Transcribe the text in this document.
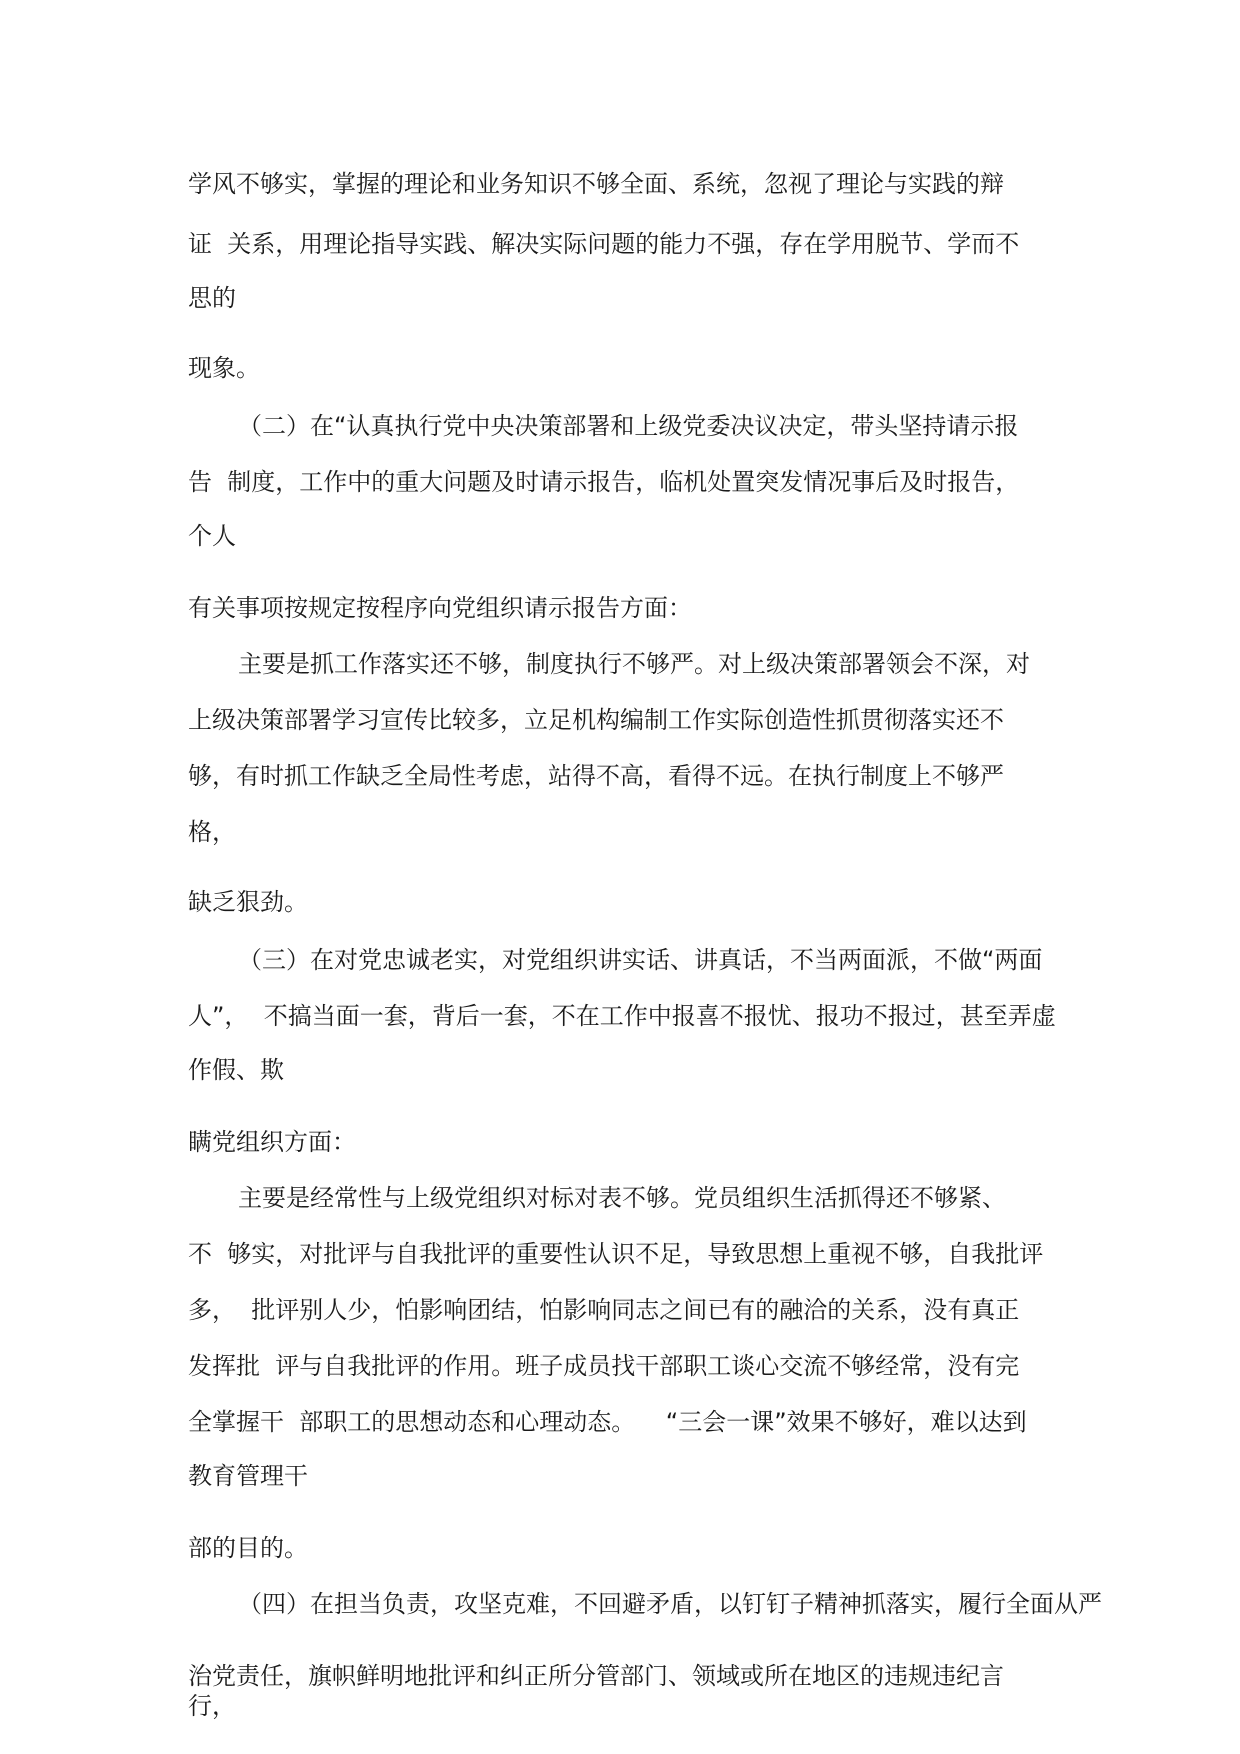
学风不够实，掌握的理论和业务知识不够全面、系统，忽视了理论与实践的辩
证  关系，用理论指导实践、解决实际问题的能力不强，存在学用脱节、学而不
思的
现象。
（二）在“认真执行党中央决策部署和上级党委决议决定，带头坚持请示报
告  制度，工作中的重大问题及时请示报告，临机处置突发情况事后及时报告，
个人
有关事项按规定按程序向党组织请示报告方面：
主要是抓工作落实还不够，制度执行不够严。对上级决策部署领会不深，对
上级决策部署学习宣传比较多，立足机构编制工作实际创造性抓贯彻落实还不
够，有时抓工作缺乏全局性考虑，站得不高，看得不远。在执行制度上不够严
格，
缺乏狠劲。
（三）在对党忠诚老实，对党组织讲实话、讲真话，不当两面派，不做“两面
人”，  不搞当面一套，背后一套，不在工作中报喜不报忧、报功不报过，甚至弄虚
作假、欺
瞒党组织方面：
主要是经常性与上级党组织对标对表不够。党员组织生活抓得还不够紧、
不  够实，对批评与自我批评的重要性认识不足，导致思想上重视不够，自我批评
多，  批评别人少，怕影响团结，怕影响同志之间已有的融洽的关系，没有真正
发挥批  评与自我批评的作用。班子成员找干部职工谈心交流不够经常，没有完
全掌握干  部职工的思想动态和心理动态。    “三会一课”效果不够好，难以达到
教育管理干
部的目的。
（四）在担当负责，攻坚克难，不回避矛盾，以钉钉子精神抓落实，履行全面从严
治党责任，旗帜鲜明地批评和纠正所分管部门、领域或所在地区的违规违纪言
行，
